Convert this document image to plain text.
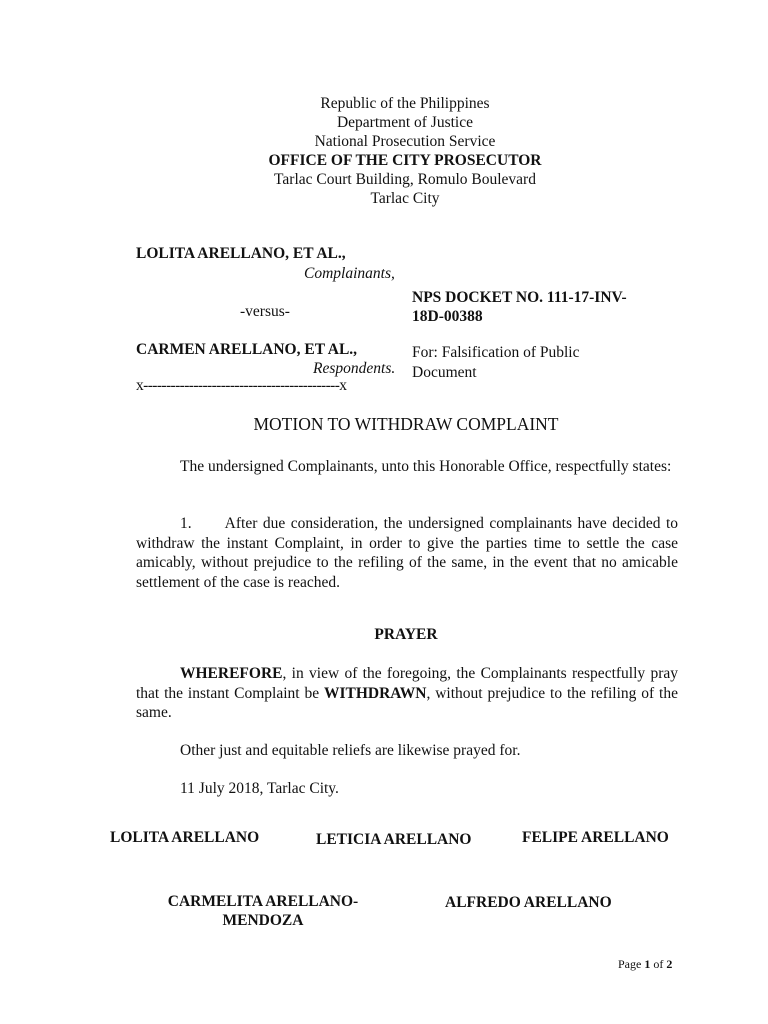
Republic of the Philippines
Department of Justice
National Prosecution Service
OFFICE OF THE CITY PROSECUTOR
Tarlac Court Building, Romulo Boulevard
Tarlac City
LOLITA ARELLANO, ET AL.,
Complainants,
-versus-
CARMEN ARELLANO, ET AL.,
Respondents.
x-------------------------------------------x
NPS DOCKET NO. 111-17-INV-
18D-00388
For: Falsification of Public
Document
MOTION TO WITHDRAW COMPLAINT

The undersigned Complainants, unto this Honorable Office, respectfully states:

1. After due consideration, the undersigned complainants have decided to withdraw the instant Complaint, in order to give the parties time to settle the case amicably, without prejudice to the refiling of the same, in the event that no amicable settlement of the case is reached.

PRAYER

WHEREFORE, in view of the foregoing, the Complainants respectfully pray that the instant Complaint be WITHDRAWN, without prejudice to the refiling of the same.

Other just and equitable reliefs are likewise prayed for.

11 July 2018, Tarlac City.

LOLITA ARELLANO	LETICIA ARELLANO	FELIPE ARELLANO
CARMELITA ARELLANO-
MENDOZA
ALFREDO ARELLANO
Page 1 of 2
